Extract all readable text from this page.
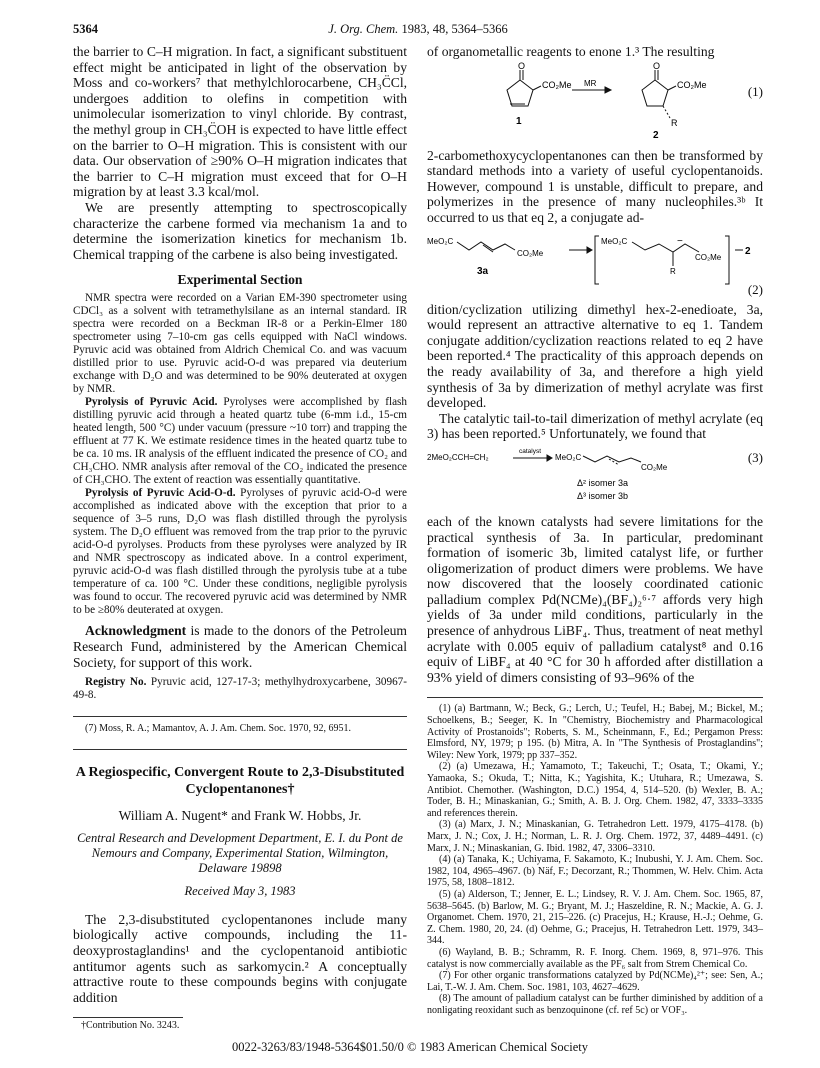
5364	J. Org. Chem. 1983, 48, 5364–5366

the barrier to C–H migration. In fact, a significant substituent effect might be anticipated in light of the observation by Moss and co-workers⁷ that methylchlorocarbene, CH₃C̈Cl, undergoes addition to olefins in competition with unimolecular isomerization to vinyl chloride. By contrast, the methyl group in CH₃C̈OH is expected to have little effect on the barrier to O–H migration. This is consistent with our data. Our observation of ≥90% O–H migration indicates that the barrier to C–H migration must exceed that for O–H migration by at least 3.3 kcal/mol.

We are presently attempting to spectroscopically characterize the carbene formed via mechanism 1a and to determine the isomerization kinetics for mechanism 1b. Chemical trapping of the carbene is also being investigated.

Experimental Section

NMR spectra were recorded on a Varian EM-390 spectrometer using CDCl₃ as a solvent with tetramethylsilane as an internal standard. IR spectra were recorded on a Beckman IR-8 or a Perkin-Elmer 180 spectrometer using 7–10-cm gas cells equipped with NaCl windows. Pyruvic acid was obtained from Aldrich Chemical Co. and was vacuum distilled prior to use. Pyruvic acid-O-d was prepared via deuterium exchange with D₂O and was determined to be 90% deuterated at oxygen by NMR.

Pyrolysis of Pyruvic Acid. Pyrolyses were accomplished by flash distilling pyruvic acid through a heated quartz tube (6-mm i.d., 15-cm heated length, 500 °C) under vacuum (pressure ~10 torr) and trapping the effluent at 77 K. We estimate residence times in the heated quartz tube to be ca. 10 ms. IR analysis of the effluent indicated the presence of CO₂ and CH₃CHO. NMR analysis after removal of the CO₂ indicated the presence of CH₃CHO. The extent of reaction was essentially quantitative.

Pyrolysis of Pyruvic Acid-O-d. Pyrolyses of pyruvic acid-O-d were accomplished as indicated above with the exception that prior to a sequence of 3–5 runs, D₂O was flash distilled through the pyrolysis system. The D₂O effluent was removed from the trap prior to the pyruvic acid-O-d pyrolyses. Products from these pyrolyses were analyzed by IR and NMR spectroscopy as indicated above. In a control experiment, pyruvic acid-O-d was flash distilled through the pyrolysis tube at a tube temperature of ca. 100 °C. Under these conditions, negligible pyrolysis was found to occur. The recovered pyruvic acid was determined by NMR to be ≥80% deuterated at oxygen.

Acknowledgment is made to the donors of the Petroleum Research Fund, administered by the American Chemical Society, for support of this work.

Registry No. Pyruvic acid, 127-17-3; methylhydroxycarbene, 30967-49-8.

(7) Moss, R. A.; Mamantov, A. J. Am. Chem. Soc. 1970, 92, 6951.

A Regiospecific, Convergent Route to 2,3-Disubstituted Cyclopentanones†

William A. Nugent* and Frank W. Hobbs, Jr.

Central Research and Development Department, E. I. du Pont de Nemours and Company, Experimental Station, Wilmington, Delaware 19898

Received May 3, 1983

The 2,3-disubstituted cyclopentanones include many biologically active compounds, including the 11-deoxyprostaglandins¹ and the cyclopentanoid antibiotic antitumor agents such as sarkomycin.² A conceptually attractive route to these compounds begins with conjugate addition

†Contribution No. 3243.

of organometallic reagents to enone 1.³ The resulting

O
CO₂Me MR
O
CO₂Me
R
1
2
(1)

2-carbomethoxycyclopentanones can then be transformed by standard methods into a variety of useful cyclopentanoids. However, compound 1 is unstable, difficult to prepare, and polymerizes in the presence of many nucleophiles.³ᵇ It occurred to us that eq 2, a conjugate ad-

MeO₂C
CO₂Me
MeO₂C
CO₂Me
R
−
2
3a
(2)

dition/cyclization utilizing dimethyl hex-2-enedioate, 3a, would represent an attractive alternative to eq 1. Tandem conjugate addition/cyclization reactions related to eq 2 have been reported.⁴ The practicality of this approach depends on the ready availability of 3a, and therefore a high yield synthesis of 3a by dimerization of methyl acrylate was first developed.

The catalytic tail-to-tail dimerization of methyl acrylate (eq 3) has been reported.⁵ Unfortunately, we found that

2MeO₂CCH=CH₂
catalyst
MeO₂C
CO₂Me
Δ² isomer 3a
Δ³ isomer 3b
(3)

each of the known catalysts had severe limitations for the practical synthesis of 3a. In particular, predominant formation of isomeric 3b, limited catalyst life, or further oligomerization of product dimers were problems. We have now discovered that the loosely coordinated cationic palladium complex Pd(NCMe)₄(BF₄)₂⁶·⁷ affords very high yields of 3a under mild conditions, particularly in the presence of anhydrous LiBF₄. Thus, treatment of neat methyl acrylate with 0.005 equiv of palladium catalyst⁸ and 0.16 equiv of LiBF₄ at 40 °C for 30 h afforded after distillation a 93% yield of dimers consisting of 93–96% of the

(1) (a) Bartmann, W.; Beck, G.; Lerch, U.; Teufel, H.; Babej, M.; Bickel, M.; Schoelkens, B.; Seeger, K. In "Chemistry, Biochemistry and Pharmacological Activity of Prostanoids"; Roberts, S. M., Scheinmann, F., Ed.; Pergamon Press: Elmsford, NY, 1979; p 195. (b) Mitra, A. In "The Synthesis of Prostaglandins"; Wiley: New York, 1979; pp 337–352.

(2) (a) Umezawa, H.; Yamamoto, T.; Takeuchi, T.; Osata, T.; Okami, Y.; Yamaoka, S.; Okuda, T.; Nitta, K.; Yagishita, K.; Utuhara, R.; Umezawa, S. Antibiot. Chemother. (Washington, D.C.) 1954, 4, 514–520. (b) Wexler, B. A.; Toder, B. H.; Minaskanian, G.; Smith, A. B. J. Org. Chem. 1982, 47, 3333–3335 and references therein.

(3) (a) Marx, J. N.; Minaskanian, G. Tetrahedron Lett. 1979, 4175–4178. (b) Marx, J. N.; Cox, J. H.; Norman, L. R. J. Org. Chem. 1972, 37, 4489–4491. (c) Marx, J. N.; Minaskanian, G. Ibid. 1982, 47, 3306–3310.

(4) (a) Tanaka, K.; Uchiyama, F. Sakamoto, K.; Inubushi, Y. J. Am. Chem. Soc. 1982, 104, 4965–4967. (b) Näf, F.; Decorzant, R.; Thommen, W. Helv. Chim. Acta 1975, 58, 1808–1812.

(5) (a) Alderson, T.; Jenner, E. L.; Lindsey, R. V. J. Am. Chem. Soc. 1965, 87, 5638–5645. (b) Barlow, M. G.; Bryant, M. J.; Haszeldine, R. N.; Mackie, A. G. J. Organomet. Chem. 1970, 21, 215–226. (c) Pracejus, H.; Krause, H.-J.; Oehme, G. Z. Chem. 1980, 20, 24. (d) Oehme, G.; Pracejus, H. Tetrahedron Lett. 1979, 343–344.

(6) Wayland, B. B.; Schramm, R. F. Inorg. Chem. 1969, 8, 971–976. This catalyst is now commercially available as the PF₆ salt from Strem Chemical Co.

(7) For other organic transformations catalyzed by Pd(NCMe)₄²⁺; see: Sen, A.; Lai, T.-W. J. Am. Chem. Soc. 1981, 103, 4627–4629.

(8) The amount of palladium catalyst can be further diminished by addition of a nonligating reoxidant such as benzoquinone (cf. ref 5c) or VOF₃.

0022-3263/83/1948-5364$01.50/0 © 1983 American Chemical Society
